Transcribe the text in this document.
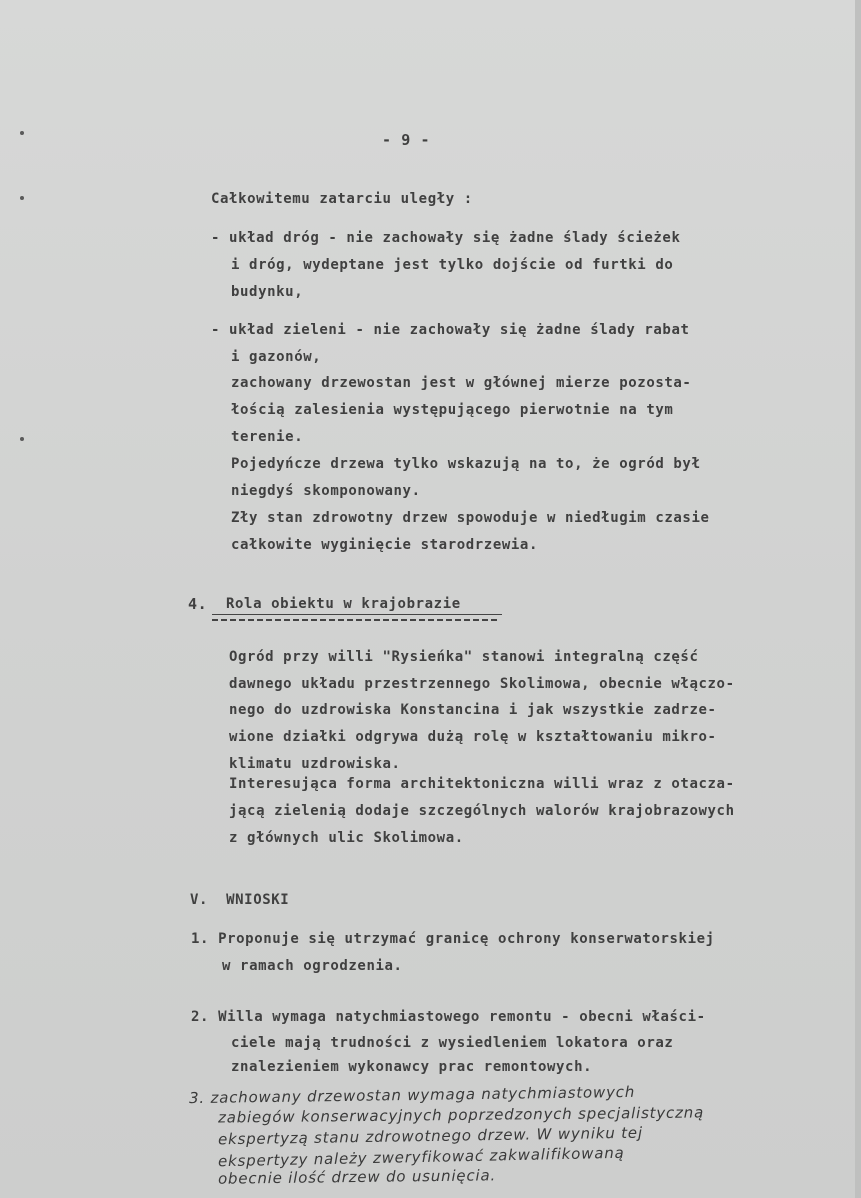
- 9 -
Całkowitemu zatarciu uległy :
- układ dróg - nie zachowały się żadne ślady ścieżek
i dróg, wydeptane jest tylko dojście od furtki do
budynku,
- układ zieleni - nie zachowały się żadne ślady rabat
i gazonów,
zachowany drzewostan jest w głównej mierze pozosta-
łością zalesienia występującego pierwotnie na tym
terenie.
Pojedyńcze drzewa tylko wskazują na to, że ogród był
niegdyś skomponowany.
Zły stan zdrowotny drzew spowoduje w niedługim czasie
całkowite wyginięcie starodrzewia.
4. Rola obiektu w krajobrazie
Ogród przy willi "Rysieńka" stanowi integralną część
dawnego układu przestrzennego Skolimowa, obecnie włączo-
nego do uzdrowiska Konstancina i jak wszystkie zadrze-
wione działki odgrywa dużą rolę w kształtowaniu mikro-
klimatu uzdrowiska.
Interesująca forma architektoniczna willi wraz z otacza-
jącą zielenią dodaje szczególnych walorów krajobrazowych
z głównych ulic Skolimowa.
V.  WNIOSKI
1. Proponuje się utrzymać granicę ochrony konserwatorskiej
w ramach ogrodzenia.
2. Willa wymaga natychmiastowego remontu - obecni właści-
ciele mają trudności z wysiedleniem lokatora oraz
znalezieniem wykonawcy prac remontowych.
3. zachowany drzewostan wymaga natychmiastowych
zabiegów konserwacyjnych poprzedzonych specjalistyczną
ekspertyzą stanu zdrowotnego drzew. W wyniku tej
ekspertyzy należy zweryfikować zakwalifikowaną
obecnie ilość drzew do usunięcia.
